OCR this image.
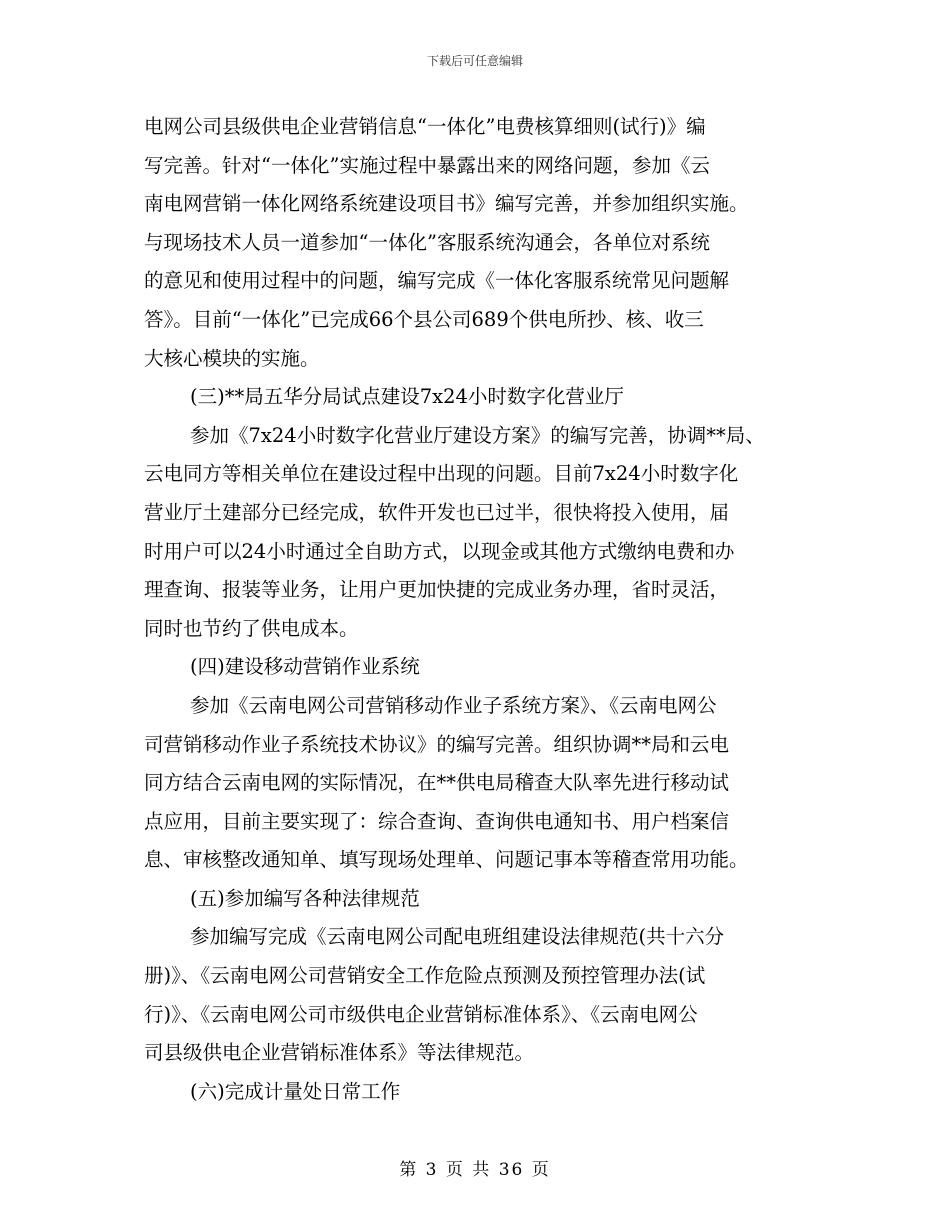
下载后可任意编辑
电网公司县级供电企业营销信息“一体化”电费核算细则(试行)》编
写完善。针对“一体化”实施过程中暴露出来的网络问题，参加《云
南电网营销一体化网络系统建设项目书》编写完善，并参加组织实施。
与现场技术人员一道参加“一体化”客服系统沟通会，各单位对系统
的意见和使用过程中的问题，编写完成《一体化客服系统常见问题解
答》。目前“一体化”已完成66个县公司689个供电所抄、核、收三
大核心模块的实施。
(三)**局五华分局试点建设7x24小时数字化营业厅
参加《7x24小时数字化营业厅建设方案》的编写完善，协调**局、
云电同方等相关单位在建设过程中出现的问题。目前7x24小时数字化
营业厅土建部分已经完成，软件开发也已过半，很快将投入使用，届
时用户可以24小时通过全自助方式，以现金或其他方式缴纳电费和办
理查询、报装等业务，让用户更加快捷的完成业务办理，省时灵活，
同时也节约了供电成本。
(四)建设移动营销作业系统
参加《云南电网公司营销移动作业子系统方案》、《云南电网公
司营销移动作业子系统技术协议》的编写完善。组织协调**局和云电
同方结合云南电网的实际情况，在**供电局稽查大队率先进行移动试
点应用，目前主要实现了：综合查询、查询供电通知书、用户档案信
息、审核整改通知单、填写现场处理单、问题记事本等稽查常用功能。
(五)参加编写各种法律规范
参加编写完成《云南电网公司配电班组建设法律规范(共十六分
册)》、《云南电网公司营销安全工作危险点预测及预控管理办法(试
行)》、《云南电网公司市级供电企业营销标准体系》、《云南电网公
司县级供电企业营销标准体系》等法律规范。
(六)完成计量处日常工作
第 3 页 共 36 页
